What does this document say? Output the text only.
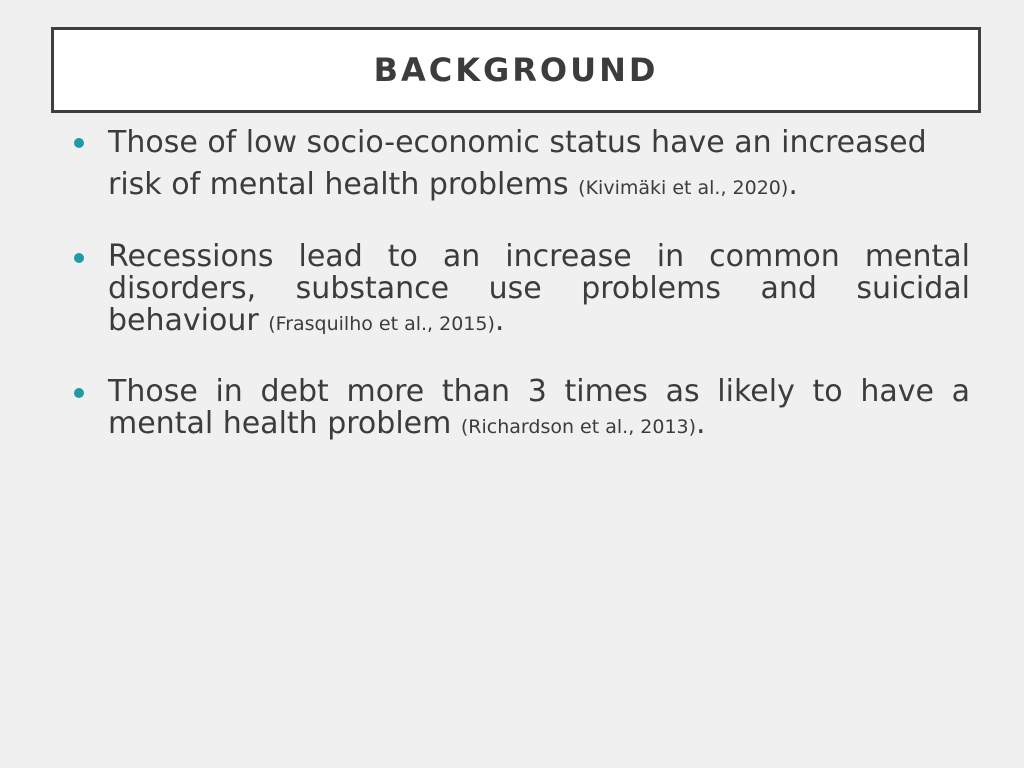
BACKGROUND
Those of low socio-economic status have an increased risk of mental health problems (Kivimäki et al., 2020).
Recessions lead to an increase in common mental disorders, substance use problems and suicidal behaviour (Frasquilho et al., 2015).
Those in debt more than 3 times as likely to have a mental health problem (Richardson et al., 2013).
